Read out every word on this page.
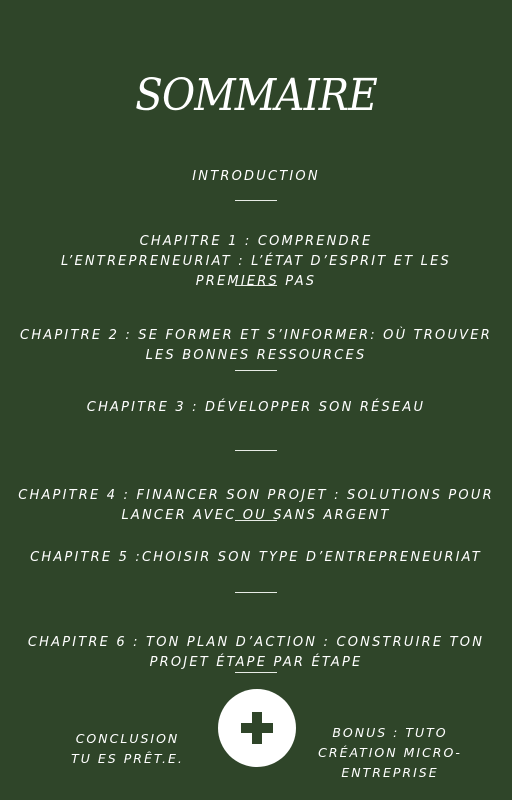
SOMMAIRE
INTRODUCTION

CHAPITRE 1 : COMPRENDRE
L’ENTREPRENEURIAT : L’ÉTAT D’ESPRIT ET LES
PREMIERS PAS

CHAPITRE 2 : SE FORMER ET S’INFORMER: OÙ TROUVER
LES BONNES RESSOURCES

CHAPITRE 3 : DÉVELOPPER SON RÉSEAU

CHAPITRE 4 : FINANCER SON PROJET : SOLUTIONS POUR
LANCER AVEC OU SANS ARGENT

CHAPITRE 5 :CHOISIR SON TYPE D’ENTREPRENEURIAT

CHAPITRE 6 : TON PLAN D’ACTION : CONSTRUIRE TON
PROJET ÉTAPE PAR ÉTAPE

CONCLUSION
TU ES PRÊT.E.

BONUS : TUTO
CRÉATION MICRO-
ENTREPRISE
